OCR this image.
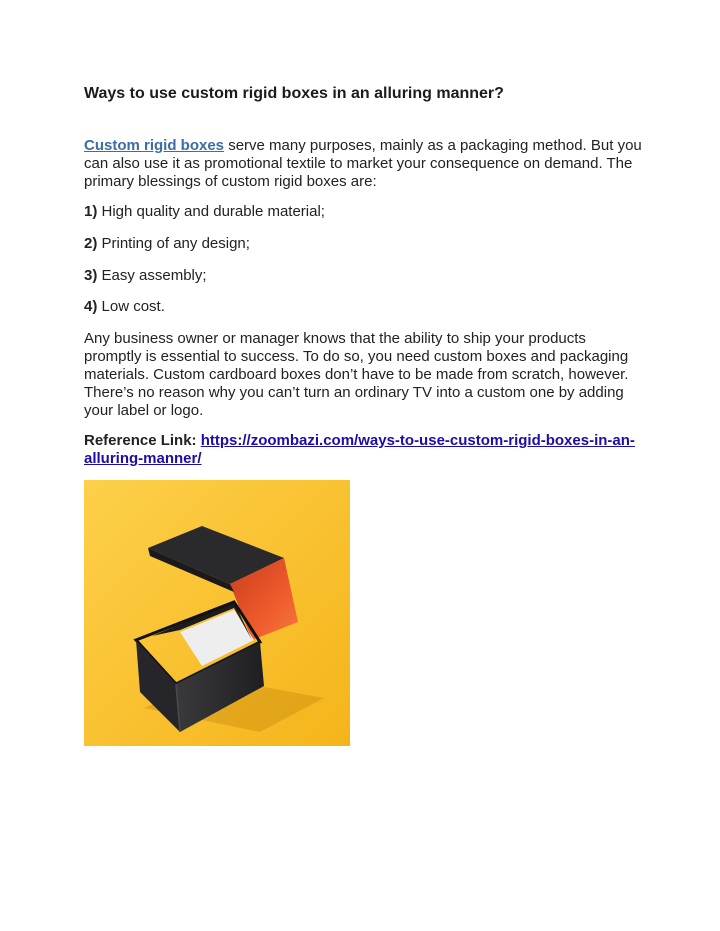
Ways to use custom rigid boxes in an alluring manner?

Custom rigid boxes serve many purposes, mainly as a packaging method. But you can also use it as promotional textile to market your consequence on demand. The primary blessings of custom rigid boxes are:

1) High quality and durable material;

2) Printing of any design;

3) Easy assembly;

4) Low cost.

Any business owner or manager knows that the ability to ship your products promptly is essential to success. To do so, you need custom boxes and packaging materials. Custom cardboard boxes don’t have to be made from scratch, however. There’s no reason why you can’t turn an ordinary TV into a custom one by adding your label or logo.

Reference Link: https://zoombazi.com/ways-to-use-custom-rigid-boxes-in-an-alluring-manner/
